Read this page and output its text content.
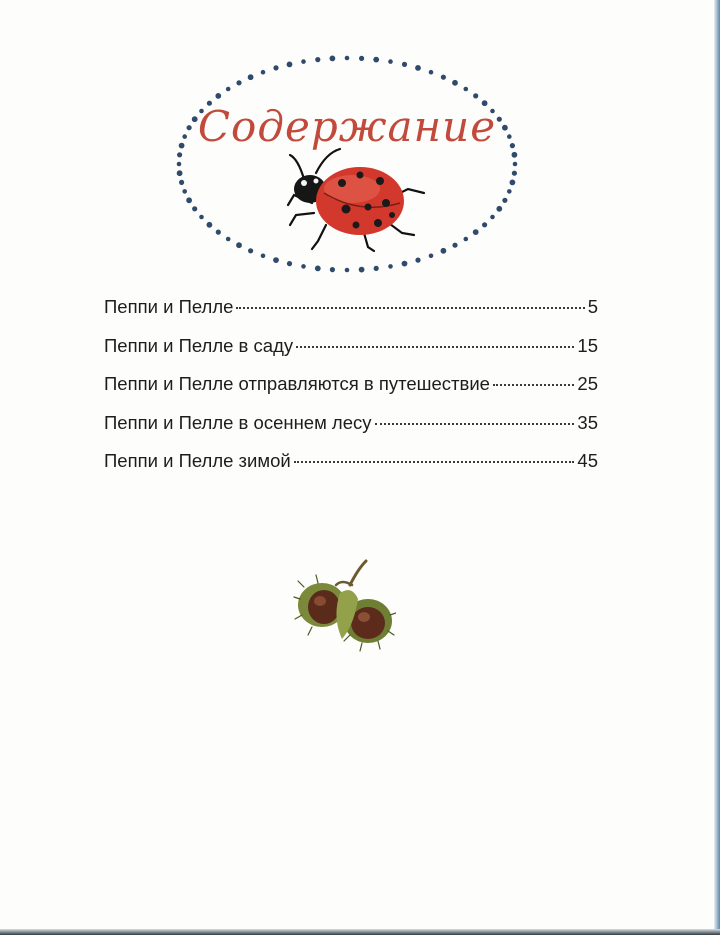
Содержание
Пеппи и Пелле	5
Пеппи и Пелле в саду	15
Пеппи и Пелле отправляются в путешествие	25
Пеппи и Пелле в осеннем лесу	35
Пеппи и Пелле зимой	45
